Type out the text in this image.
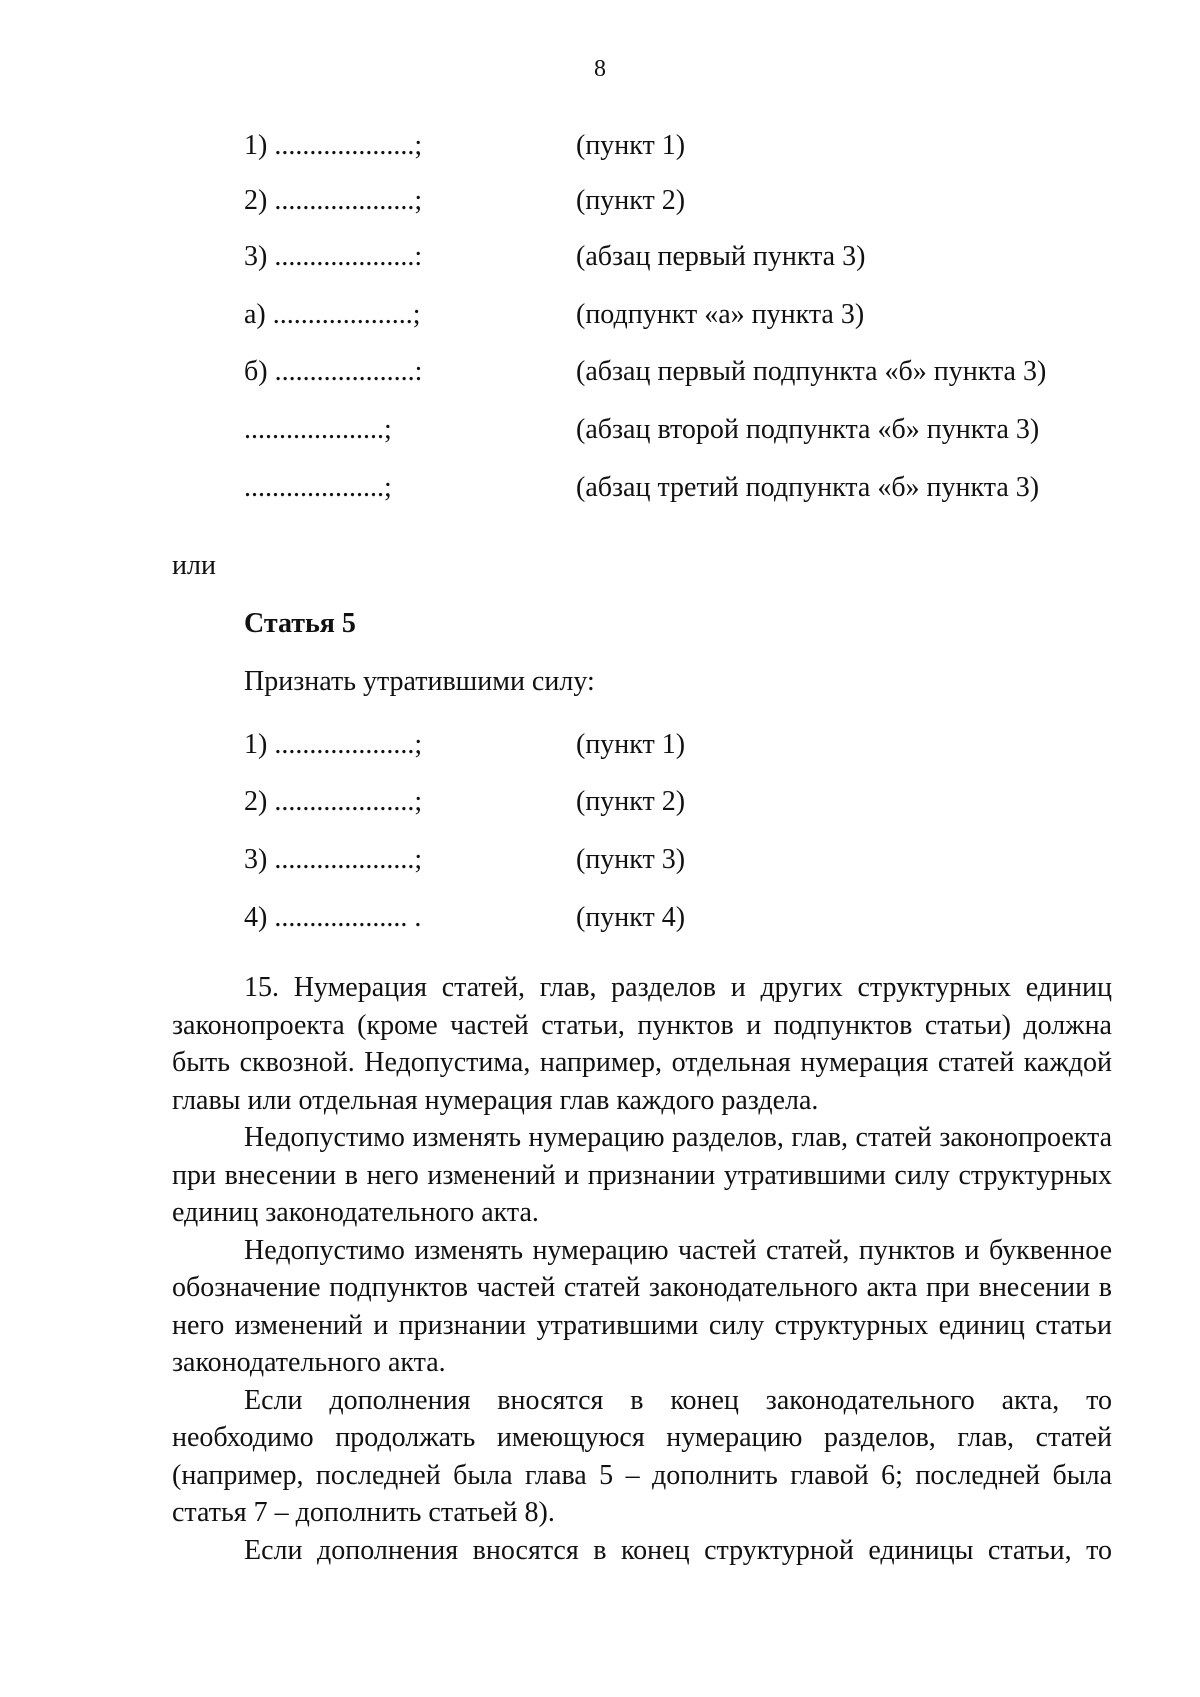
8
1) ....................;	(пункт 1)
2) ....................;	(пункт 2)
3) ....................:	(абзац первый пункта 3)
а) ....................;	(подпункт «а» пункта 3)
б) ....................:	(абзац первый подпункта «б» пункта 3)
....................;	(абзац второй подпункта «б» пункта 3)
....................;	(абзац третий подпункта «б» пункта 3)
или
Статья 5
Признать утратившими силу:
1) ....................;	(пункт 1)
2) ....................;	(пункт 2)
3) ....................;	(пункт 3)
4) ................... .	(пункт 4)

15. Нумерация статей, глав, разделов и других структурных единиц законопроекта (кроме частей статьи, пунктов и подпунктов статьи) должна быть сквозной. Недопустима, например, отдельная нумерация статей каждой главы или отдельная нумерация глав каждого раздела.

Недопустимо изменять нумерацию разделов, глав, статей законопроекта при внесении в него изменений и признании утратившими силу структурных единиц законодательного акта.

Недопустимо изменять нумерацию частей статей, пунктов и буквенное обозначение подпунктов частей статей законодательного акта при внесении в него изменений и признании утратившими силу структурных единиц статьи законодательного акта.

Если дополнения вносятся в конец законодательного акта, то необходимо продолжать имеющуюся нумерацию разделов, глав, статей (например, последней была глава 5 – дополнить главой 6; последней была статья 7 – дополнить статьей 8).

Если дополнения вносятся в конец структурной единицы статьи, то
